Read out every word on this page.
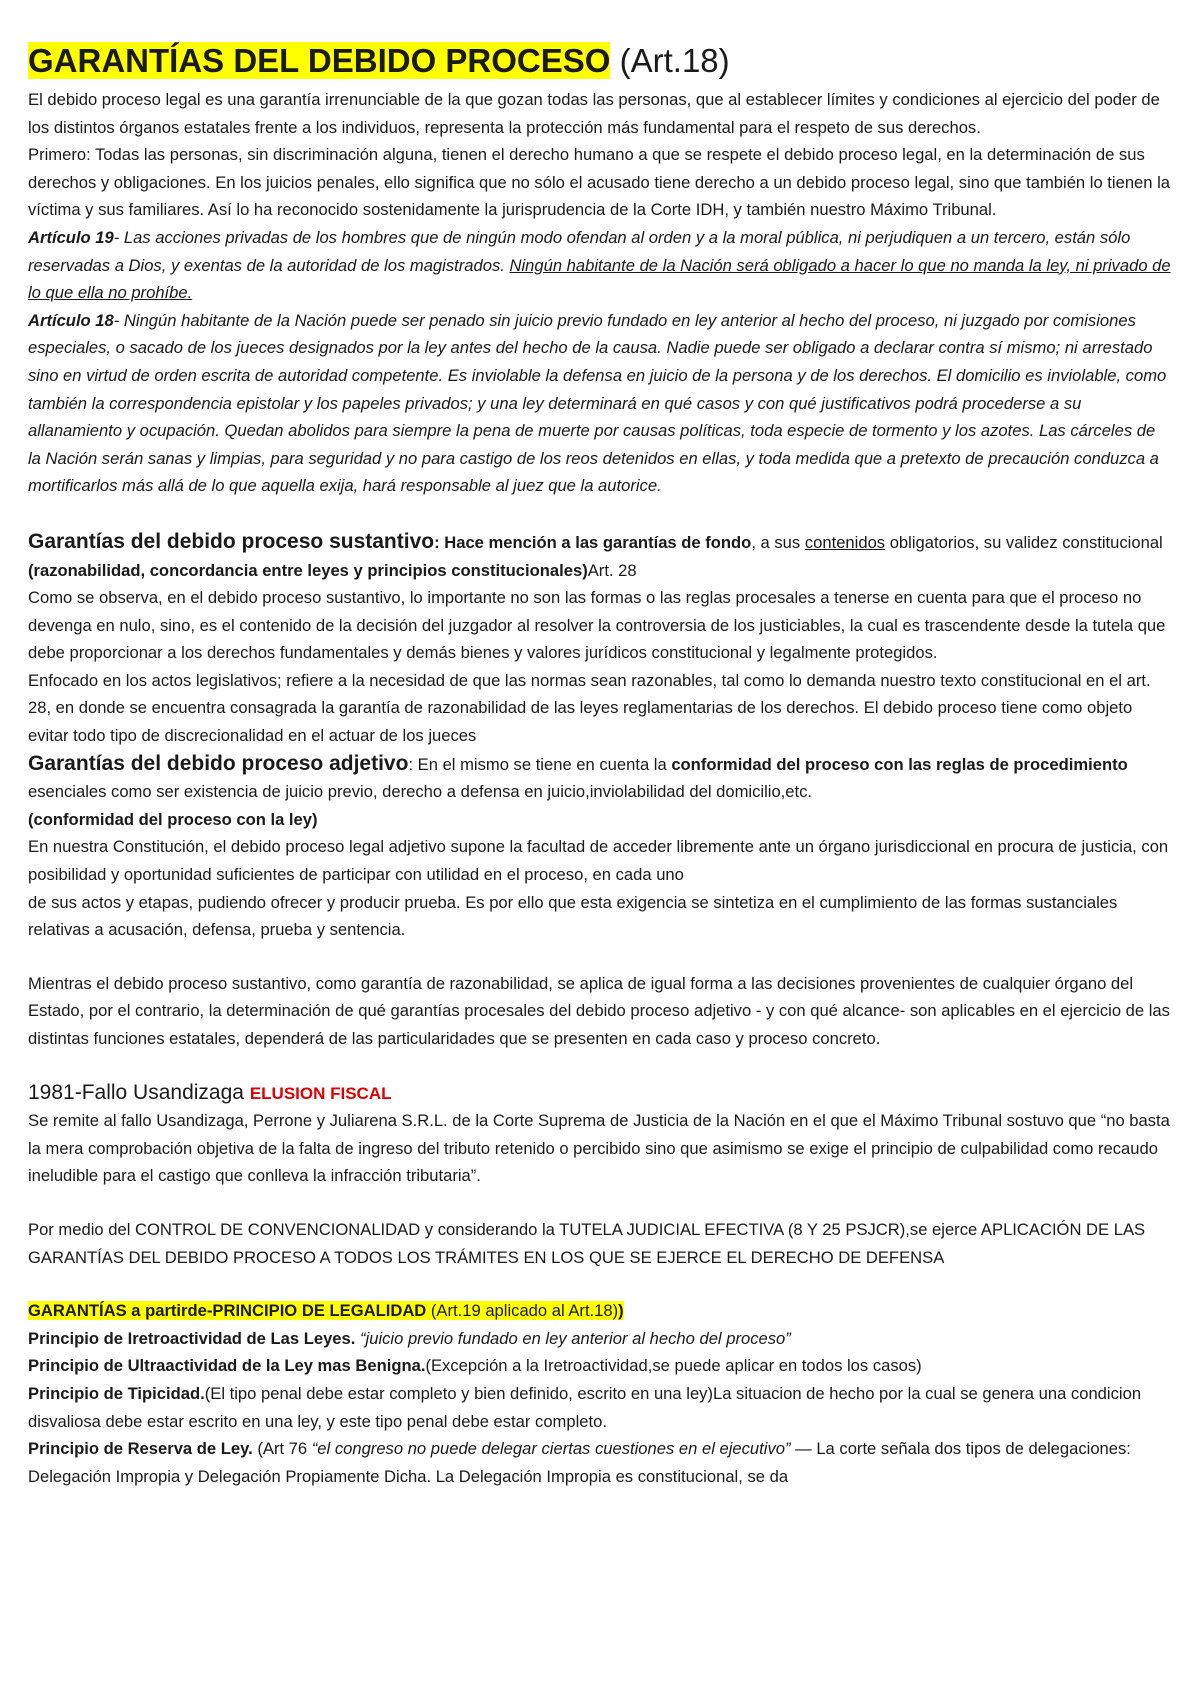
GARANTÍAS DEL DEBIDO PROCESO (Art.18)

El debido proceso legal es una garantía irrenunciable de la que gozan todas las personas, que al establecer límites y condiciones al ejercicio del poder de los distintos órganos estatales frente a los individuos, representa la protección más fundamental para el respeto de sus derechos.

Primero: Todas las personas, sin discriminación alguna, tienen el derecho humano a que se respete el debido proceso legal, en la determinación de sus derechos y obligaciones. En los juicios penales, ello significa que no sólo el acusado tiene derecho a un debido proceso legal, sino que también lo tienen la víctima y sus familiares. Así lo ha reconocido sostenidamente la jurisprudencia de la Corte IDH, y también nuestro Máximo Tribunal.

Artículo 19- Las acciones privadas de los hombres que de ningún modo ofendan al orden y a la moral pública, ni perjudiquen a un tercero, están sólo reservadas a Dios, y exentas de la autoridad de los magistrados. Ningún habitante de la Nación será obligado a hacer lo que no manda la ley, ni privado de lo que ella no prohíbe.

Artículo 18- Ningún habitante de la Nación puede ser penado sin juicio previo fundado en ley anterior al hecho del proceso, ni juzgado por comisiones especiales, o sacado de los jueces designados por la ley antes del hecho de la causa. Nadie puede ser obligado a declarar contra sí mismo; ni arrestado sino en virtud de orden escrita de autoridad competente. Es inviolable la defensa en juicio de la persona y de los derechos. El domicilio es inviolable, como también la correspondencia epistolar y los papeles privados; y una ley determinará en qué casos y con qué justificativos podrá procederse a su allanamiento y ocupación. Quedan abolidos para siempre la pena de muerte por causas políticas, toda especie de tormento y los azotes. Las cárceles de la Nación serán sanas y limpias, para seguridad y no para castigo de los reos detenidos en ellas, y toda medida que a pretexto de precaución conduzca a mortificarlos más allá de lo que aquella exija, hará responsable al juez que la autorice.

Garantías del debido proceso sustantivo: Hace mención a las garantías de fondo, a sus contenidos obligatorios, su validez constitucional (razonabilidad, concordancia entre leyes y principios constitucionales)Art. 28

Como se observa, en el debido proceso sustantivo, lo importante no son las formas o las reglas procesales a tenerse en cuenta para que el proceso no devenga en nulo, sino, es el contenido de la decisión del juzgador al resolver la controversia de los justiciables, la cual es trascendente desde la tutela que debe proporcionar a los derechos fundamentales y demás bienes y valores jurídicos constitucional y legalmente protegidos.

Enfocado en los actos legislativos; refiere a la necesidad de que las normas sean razonables, tal como lo demanda nuestro texto constitucional en el art. 28, en donde se encuentra consagrada la garantía de razonabilidad de las leyes reglamentarias de los derechos. El debido proceso tiene como objeto evitar todo tipo de discrecionalidad en el actuar de los jueces

Garantías del debido proceso adjetivo: En el mismo se tiene en cuenta la conformidad del proceso con las reglas de procedimiento esenciales como ser existencia de juicio previo, derecho a defensa en juicio,inviolabilidad del domicilio,etc.

(conformidad del proceso con la ley)

En nuestra Constitución, el debido proceso legal adjetivo supone la facultad de acceder libremente ante un órgano jurisdiccional en procura de justicia, con posibilidad y oportunidad suficientes de participar con utilidad en el proceso, en cada uno

de sus actos y etapas, pudiendo ofrecer y producir prueba. Es por ello que esta exigencia se sintetiza en el cumplimiento de las formas sustanciales relativas a acusación, defensa, prueba y sentencia.

Mientras el debido proceso sustantivo, como garantía de razonabilidad, se aplica de igual forma a las decisiones provenientes de cualquier órgano del Estado, por el contrario, la determinación de qué garantías procesales del debido proceso adjetivo - y con qué alcance- son aplicables en el ejercicio de las distintas funciones estatales, dependerá de las particularidades que se presenten en cada caso y proceso concreto.

1981-Fallo Usandizaga ELUSION FISCAL

Se remite al fallo Usandizaga, Perrone y Juliarena S.R.L. de la Corte Suprema de Justicia de la Nación en el que el Máximo Tribunal sostuvo que “no basta la mera comprobación objetiva de la falta de ingreso del tributo retenido o percibido sino que asimismo se exige el principio de culpabilidad como recaudo ineludible para el castigo que conlleva la infracción tributaria”.

Por medio del CONTROL DE CONVENCIONALIDAD y considerando la TUTELA JUDICIAL EFECTIVA (8 Y 25 PSJCR),se ejerce APLICACIÓN DE LAS GARANTÍAS DEL DEBIDO PROCESO A TODOS LOS TRÁMITES EN LOS QUE SE EJERCE EL DERECHO DE DEFENSA

GARANTÍAS a partirde-PRINCIPIO DE LEGALIDAD (Art.19 aplicado al Art.18))

Principio de Iretroactividad de Las Leyes. “juicio previo fundado en ley anterior al hecho del proceso”

Principio de Ultraactividad de la Ley mas Benigna.(Excepción a la Iretroactividad,se puede aplicar en todos los casos)

Principio de Tipicidad.(El tipo penal debe estar completo y bien definido, escrito en una ley)La situacion de hecho por la cual se genera una condicion disvaliosa debe estar escrito en una ley, y este tipo penal debe estar completo.

Principio de Reserva de Ley. (Art 76 “el congreso no puede delegar ciertas cuestiones en el ejecutivo” — La corte señala dos tipos de delegaciones: Delegación Impropia y Delegación Propiamente Dicha. La Delegación Impropia es constitucional, se da
